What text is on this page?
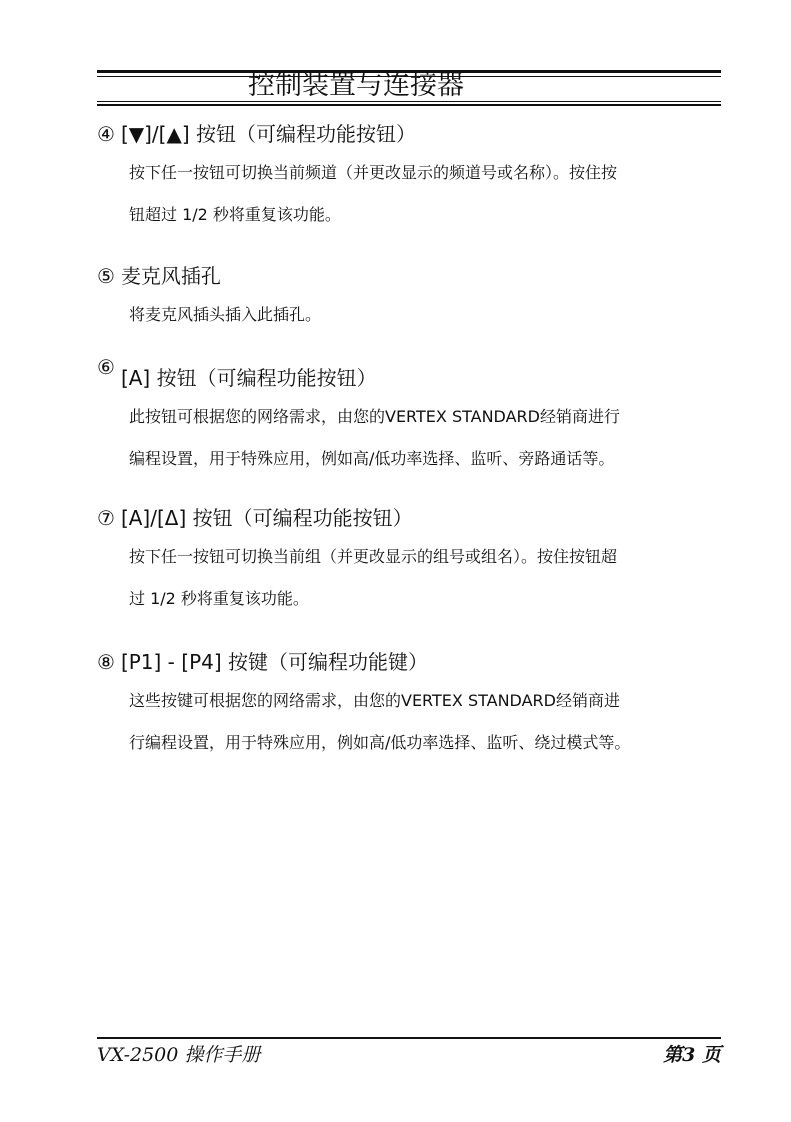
控制装置与连接器
④ [▼]/[▲] 按钮（可编程功能按钮）
按下任一按钮可切换当前频道（并更改显示的频道号或名称）。按住按
钮超过 1/2 秒将重复该功能。
⑤ 麦克风插孔
将麦克风插头插入此插孔。
⑥ [A] 按钮（可编程功能按钮）
此按钮可根据您的网络需求，由您的VERTEX STANDARD经销商进行
编程设置，用于特殊应用，例如高/低功率选择、监听、旁路通话等。
⑦ [A]/[Δ] 按钮（可编程功能按钮）
按下任一按钮可切换当前组（并更改显示的组号或组名）。按住按钮超
过 1/2 秒将重复该功能。
⑧ [P1] - [P4] 按键（可编程功能键）
这些按键可根据您的网络需求，由您的VERTEX STANDARD经销商进
行编程设置，用于特殊应用，例如高/低功率选择、监听、绕过模式等。
VX-2500 操作手册	第3 页
